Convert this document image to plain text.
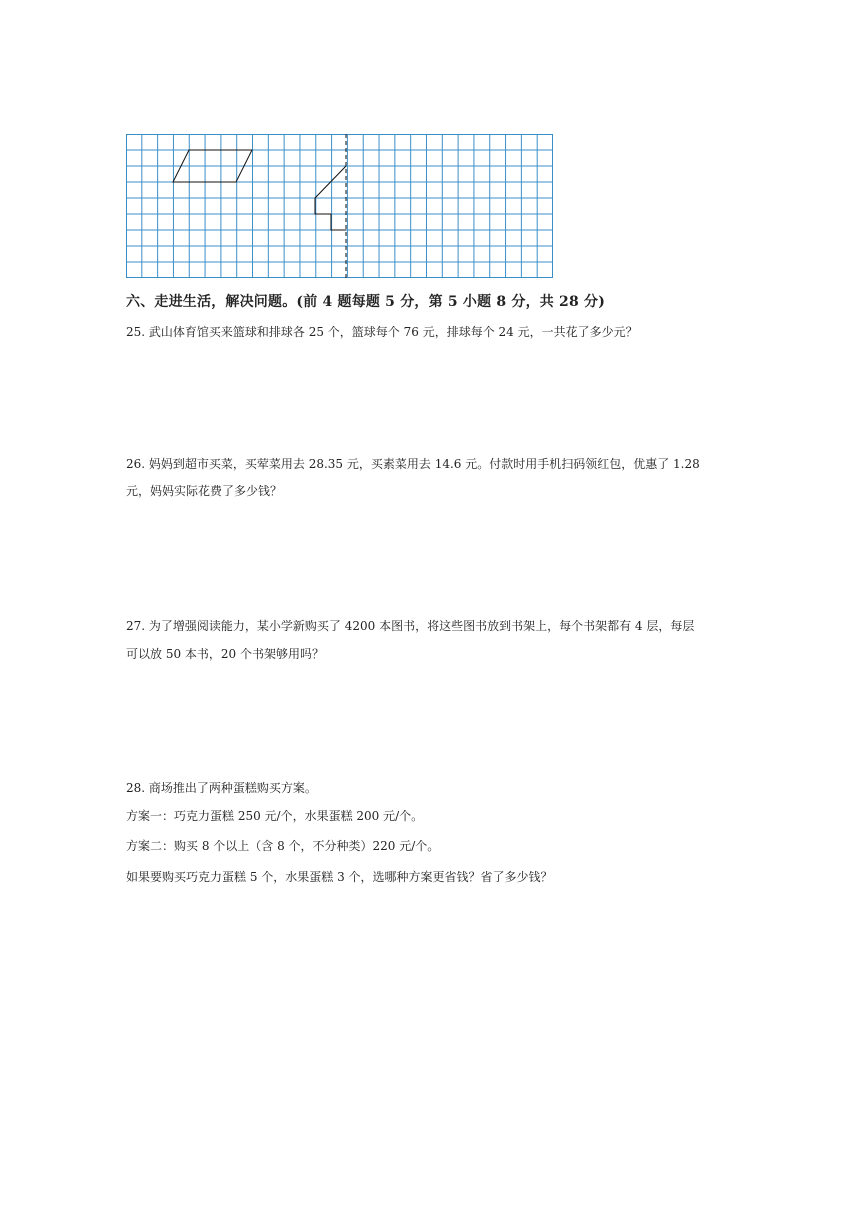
六、走进生活，解决问题。(前 4 题每题 5 分，第 5 小题 8 分，共 28 分)
25. 武山体育馆买来篮球和排球各 25 个，篮球每个 76 元，排球每个 24 元，一共花了多少元？
26. 妈妈到超市买菜，买荤菜用去 28.35 元，买素菜用去 14.6 元。付款时用手机扫码领红包，优惠了 1.28
元，妈妈实际花费了多少钱？
27. 为了增强阅读能力，某小学新购买了 4200 本图书，将这些图书放到书架上，每个书架都有 4 层，每层
可以放 50 本书，20 个书架够用吗？
28. 商场推出了两种蛋糕购买方案。
方案一：巧克力蛋糕 250 元/个，水果蛋糕 200 元/个。
方案二：购买 8 个以上（含 8 个，不分种类）220 元/个。
如果要购买巧克力蛋糕 5 个，水果蛋糕 3 个，选哪种方案更省钱？省了多少钱？
